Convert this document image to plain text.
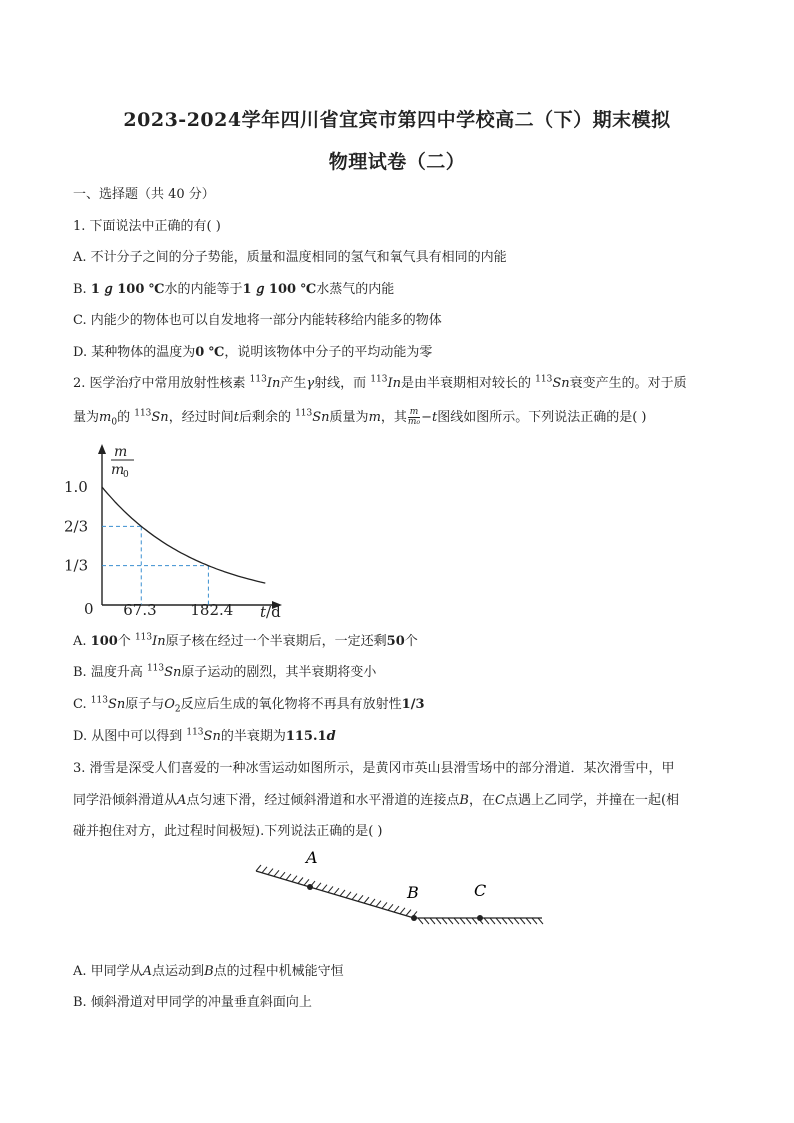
2023-2024学年四川省宜宾市第四中学校高二（下）期末模拟
物理试卷（二）
一、选择题（共 40 分）
1. 下面说法中正确的有( )
A. 不计分子之间的分子势能，质量和温度相同的氢气和氧气具有相同的内能
B. 1 𝑔 100 ℃水的内能等于1 𝑔 100 ℃水蒸气的内能
C. 内能少的物体也可以自发地将一部分内能转移给内能多的物体
D. 某种物体的温度为0 ℃，说明该物体中分子的平均动能为零
2. 医学治疗中常用放射性核素 $^{113}$In产生γ射线，而 $^{113}$In是由半衰期相对较长的 $^{113}$Sn衰变产生的。对于质
量为$m_0$的 $^{113}$Sn，经过时间t后剩余的 $^{113}$Sn质量为m，其 $\frac{m}{\text{m₀}} -t$图线如图所示。下列说法正确的是( )
m
m
0
1.0
2/3
1/3
0 67.3 182.4 t/d
A. 100个 $^{113}$In原子核在经过一个半衰期后，一定还剩50个
B. 温度升高 $^{113}$Sn原子运动的剧烈，其半衰期将变小
C. $^{113}$Sn原子与$O_2$反应后生成的氧化物将不再具有放射性1/3
D. 从图中可以得到 $^{113}$Sn的半衰期为115.1d
3. 滑雪是深受人们喜爱的一种冰雪运动如图所示，是黄冈市英山县滑雪场中的部分滑道．某次滑雪中，甲
同学沿倾斜滑道从A点匀速下滑，经过倾斜滑道和水平滑道的连接点B，在C点遇上乙同学，并撞在一起(相
碰并抱住对方，此过程时间极短).下列说法正确的是( )
A
B	C
A. 甲同学从A点运动到B点的过程中机械能守恒
B. 倾斜滑道对甲同学的冲量垂直斜面向上
